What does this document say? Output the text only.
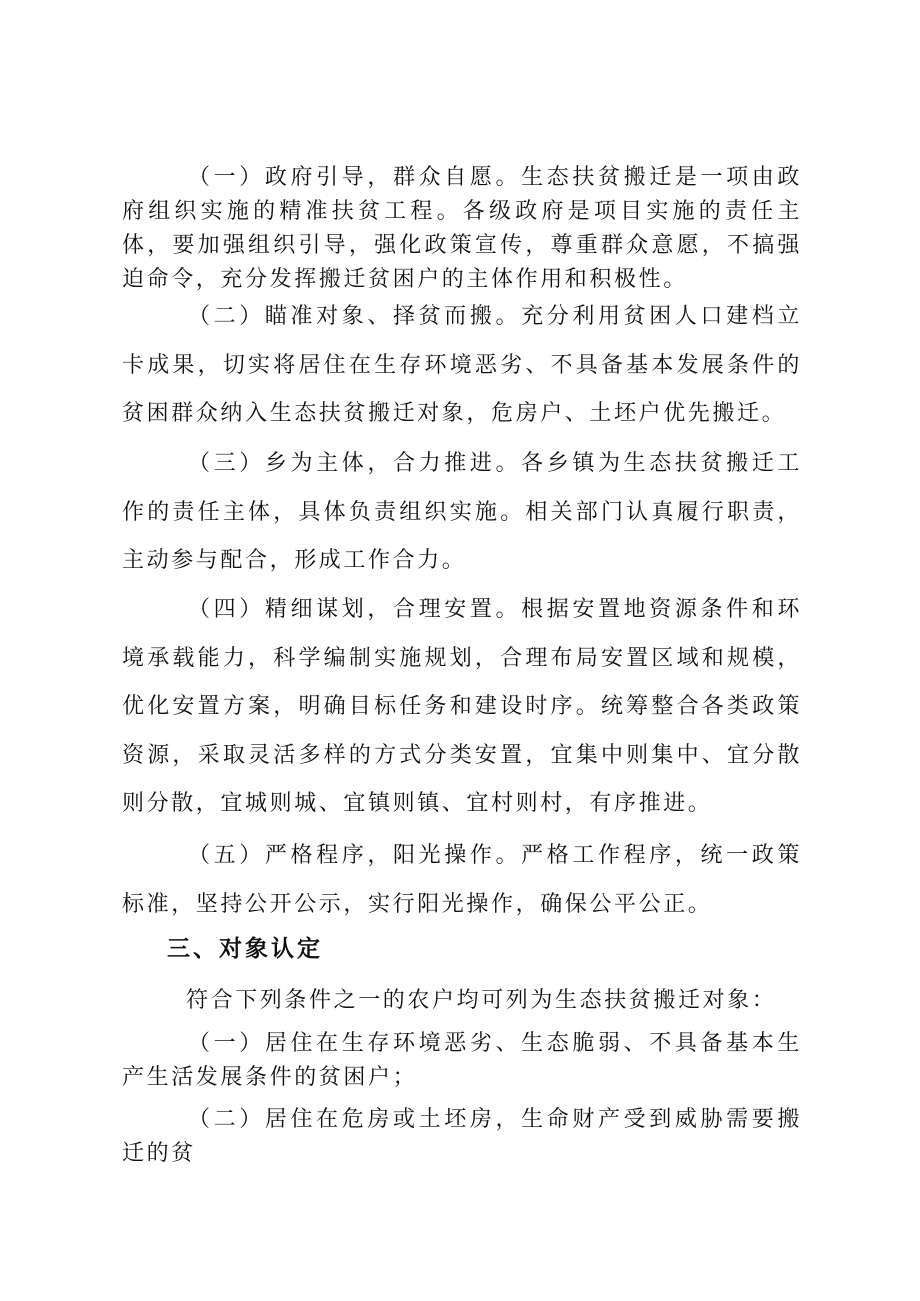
（一）政府引导，群众自愿。生态扶贫搬迁是一项由政府组织实施的精准扶贫工程。各级政府是项目实施的责任主体，要加强组织引导，强化政策宣传，尊重群众意愿，不搞强迫命令，充分发挥搬迁贫困户的主体作用和积极性。

（二）瞄准对象、择贫而搬。充分利用贫困人口建档立卡成果，切实将居住在生存环境恶劣、不具备基本发展条件的贫困群众纳入生态扶贫搬迁对象，危房户、土坯户优先搬迁。

（三）乡为主体，合力推进。各乡镇为生态扶贫搬迁工作的责任主体，具体负责组织实施。相关部门认真履行职责，主动参与配合，形成工作合力。

（四）精细谋划，合理安置。根据安置地资源条件和环境承载能力，科学编制实施规划，合理布局安置区域和规模，优化安置方案，明确目标任务和建设时序。统筹整合各类政策资源，采取灵活多样的方式分类安置，宜集中则集中、宜分散则分散，宜城则城、宜镇则镇、宜村则村，有序推进。

（五）严格程序，阳光操作。严格工作程序，统一政策标准，坚持公开公示，实行阳光操作，确保公平公正。

三、对象认定

符合下列条件之一的农户均可列为生态扶贫搬迁对象：

（一）居住在生存环境恶劣、生态脆弱、不具备基本生产生活发展条件的贫困户；

（二）居住在危房或土坯房，生命财产受到威胁需要搬迁的贫
